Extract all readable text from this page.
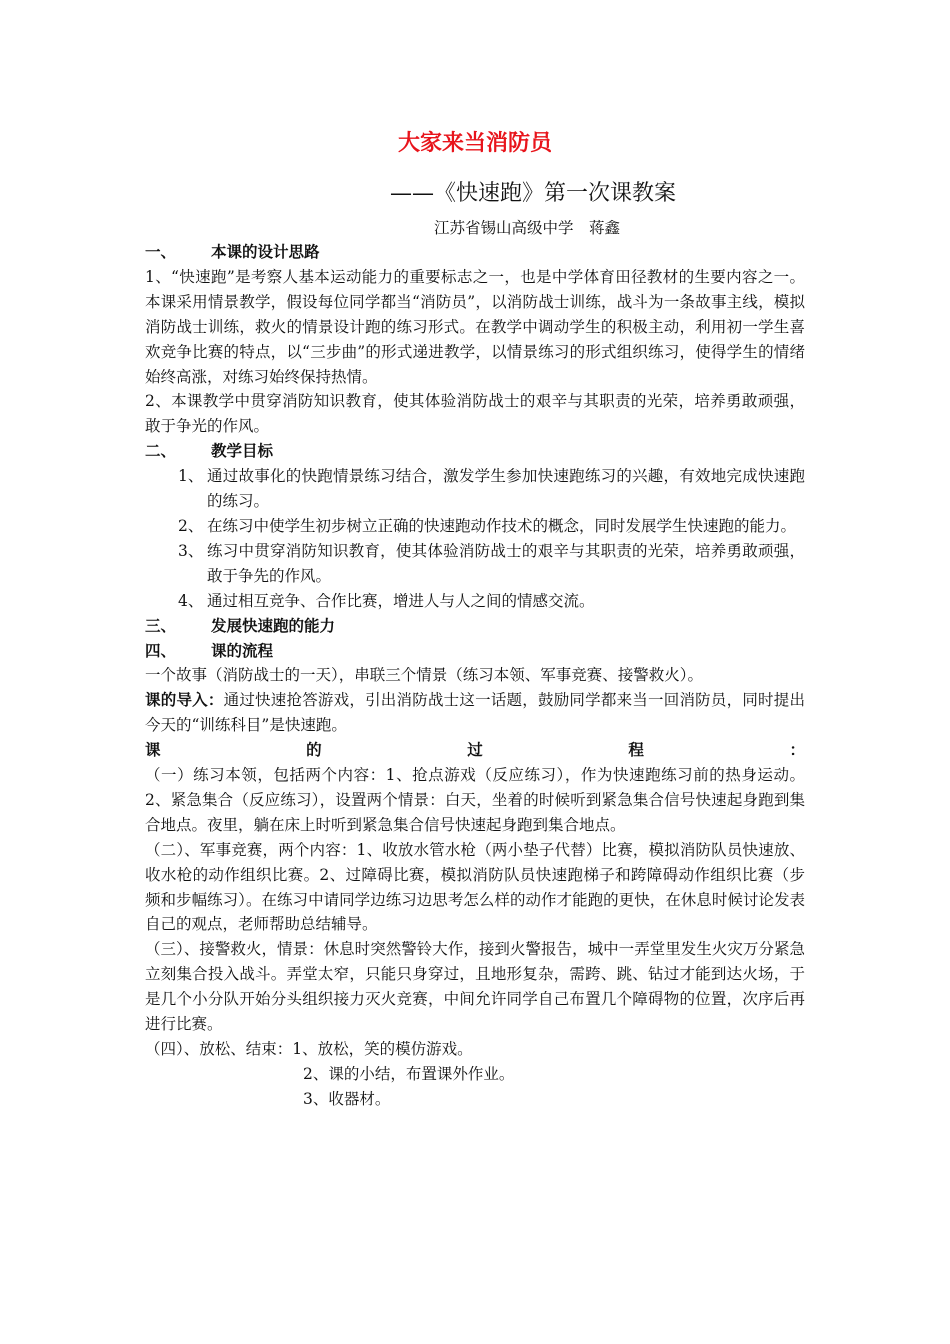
大家来当消防员
——《快速跑》第一次课教案
江苏省锡山高级中学　蒋鑫
一、	本课的设计思路

1、“快速跑”是考察人基本运动能力的重要标志之一，也是中学体育田径教材的生要内容之一。本课采用情景教学，假设每位同学都当“消防员”，以消防战士训练，战斗为一条故事主线，模拟消防战士训练，救火的情景设计跑的练习形式。在教学中调动学生的积极主动，利用初一学生喜欢竞争比赛的特点，以“三步曲”的形式递进教学，以情景练习的形式组织练习，使得学生的情绪始终高涨，对练习始终保持热情。

2、本课教学中贯穿消防知识教育，使其体验消防战士的艰辛与其职责的光荣，培养勇敢顽强，敢于争光的作风。

二、	教学目标
1、 通过故事化的快跑情景练习结合，激发学生参加快速跑练习的兴趣，有效地完成快速跑的练习。
2、 在练习中使学生初步树立正确的快速跑动作技术的概念，同时发展学生快速跑的能力。
3、 练习中贯穿消防知识教育，使其体验消防战士的艰辛与其职责的光荣，培养勇敢顽强，敢于争先的作风。
4、 通过相互竞争、合作比赛，增进人与人之间的情感交流。
三、	发展快速跑的能力
四、	课的流程

一个故事（消防战士的一天），串联三个情景（练习本领、军事竞赛、接警救火）。

课的导入：通过快速抢答游戏，引出消防战士这一话题，鼓励同学都来当一回消防员，同时提出今天的“训练科目”是快速跑。

课	的	过	程	：

（一）练习本领，包括两个内容：1、抢点游戏（反应练习），作为快速跑练习前的热身运动。2、紧急集合（反应练习），设置两个情景：白天，坐着的时候听到紧急集合信号快速起身跑到集合地点。夜里，躺在床上时听到紧急集合信号快速起身跑到集合地点。

（二）、军事竞赛，两个内容：1、收放水管水枪（两小垫子代替）比赛，模拟消防队员快速放、收水枪的动作组织比赛。2、过障碍比赛，模拟消防队员快速跑梯子和跨障碍动作组织比赛（步频和步幅练习）。在练习中请同学边练习边思考怎么样的动作才能跑的更快，在休息时候讨论发表自己的观点，老师帮助总结辅导。

（三）、接警救火，情景：休息时突然警铃大作，接到火警报告，城中一弄堂里发生火灾万分紧急立刻集合投入战斗。弄堂太窄，只能只身穿过，且地形复杂，需跨、跳、钻过才能到达火场，于是几个小分队开始分头组织接力灭火竞赛，中间允许同学自己布置几个障碍物的位置，次序后再进行比赛。

（四）、放松、结束：1、放松，笑的模仿游戏。

2、课的小结，布置课外作业。

3、收器材。
